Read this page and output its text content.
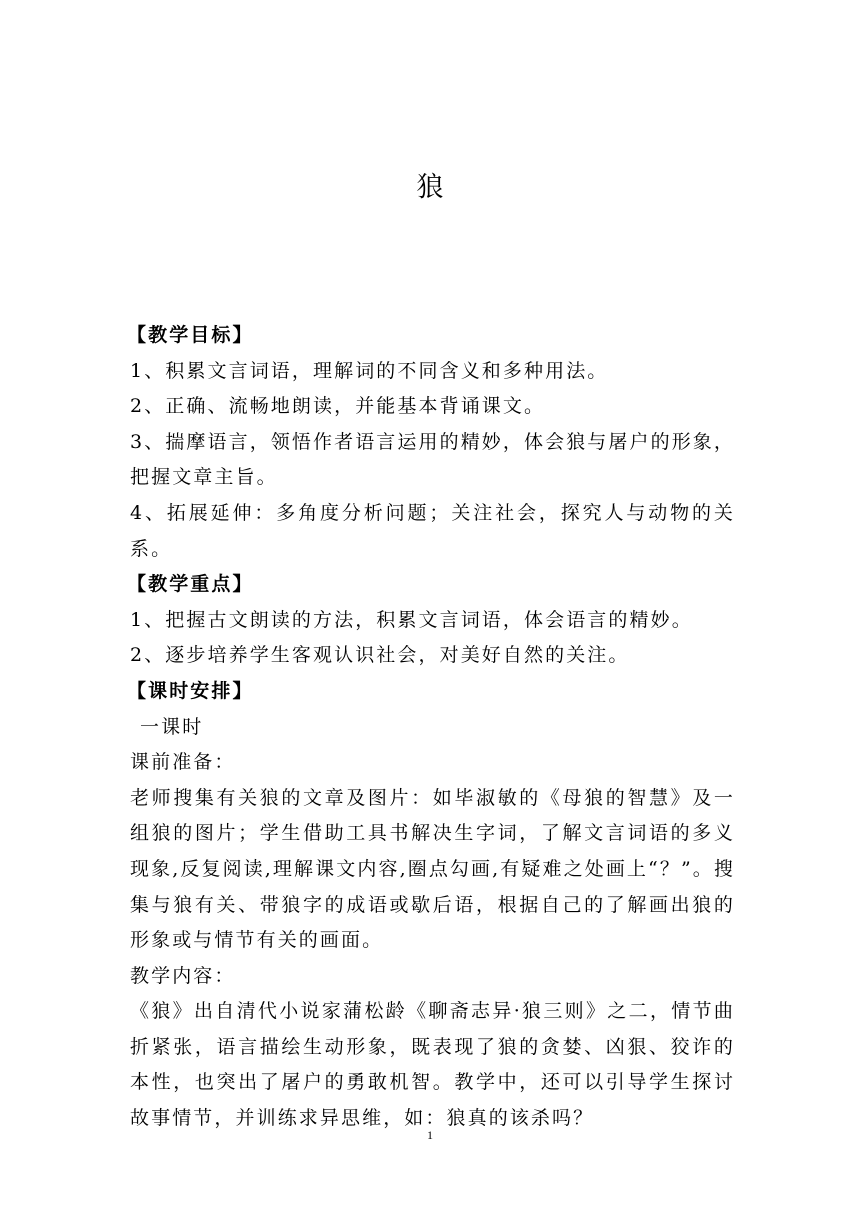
狼

【教学目标】

1、积累文言词语，理解词的不同含义和多种用法。

2、正确、流畅地朗读，并能基本背诵课文。

3、揣摩语言，领悟作者语言运用的精妙，体会狼与屠户的形象，把握文章主旨。

4、拓展延伸：多角度分析问题；关注社会，探究人与动物的关系。

【教学重点】

1、把握古文朗读的方法，积累文言词语，体会语言的精妙。

2、逐步培养学生客观认识社会，对美好自然的关注。

【课时安排】

一课时

课前准备：

老师搜集有关狼的文章及图片：如毕淑敏的《母狼的智慧》及一组狼的图片；学生借助工具书解决生字词，了解文言词语的多义现象,反复阅读,理解课文内容,圈点勾画,有疑难之处画上“？”。搜集与狼有关、带狼字的成语或歇后语，根据自己的了解画出狼的形象或与情节有关的画面。

教学内容：

《狼》出自清代小说家蒲松龄《聊斋志异·狼三则》之二，情节曲折紧张，语言描绘生动形象，既表现了狼的贪婪、凶狠、狡诈的本性，也突出了屠户的勇敢机智。教学中，还可以引导学生探讨故事情节，并训练求异思维，如：狼真的该杀吗？

1
